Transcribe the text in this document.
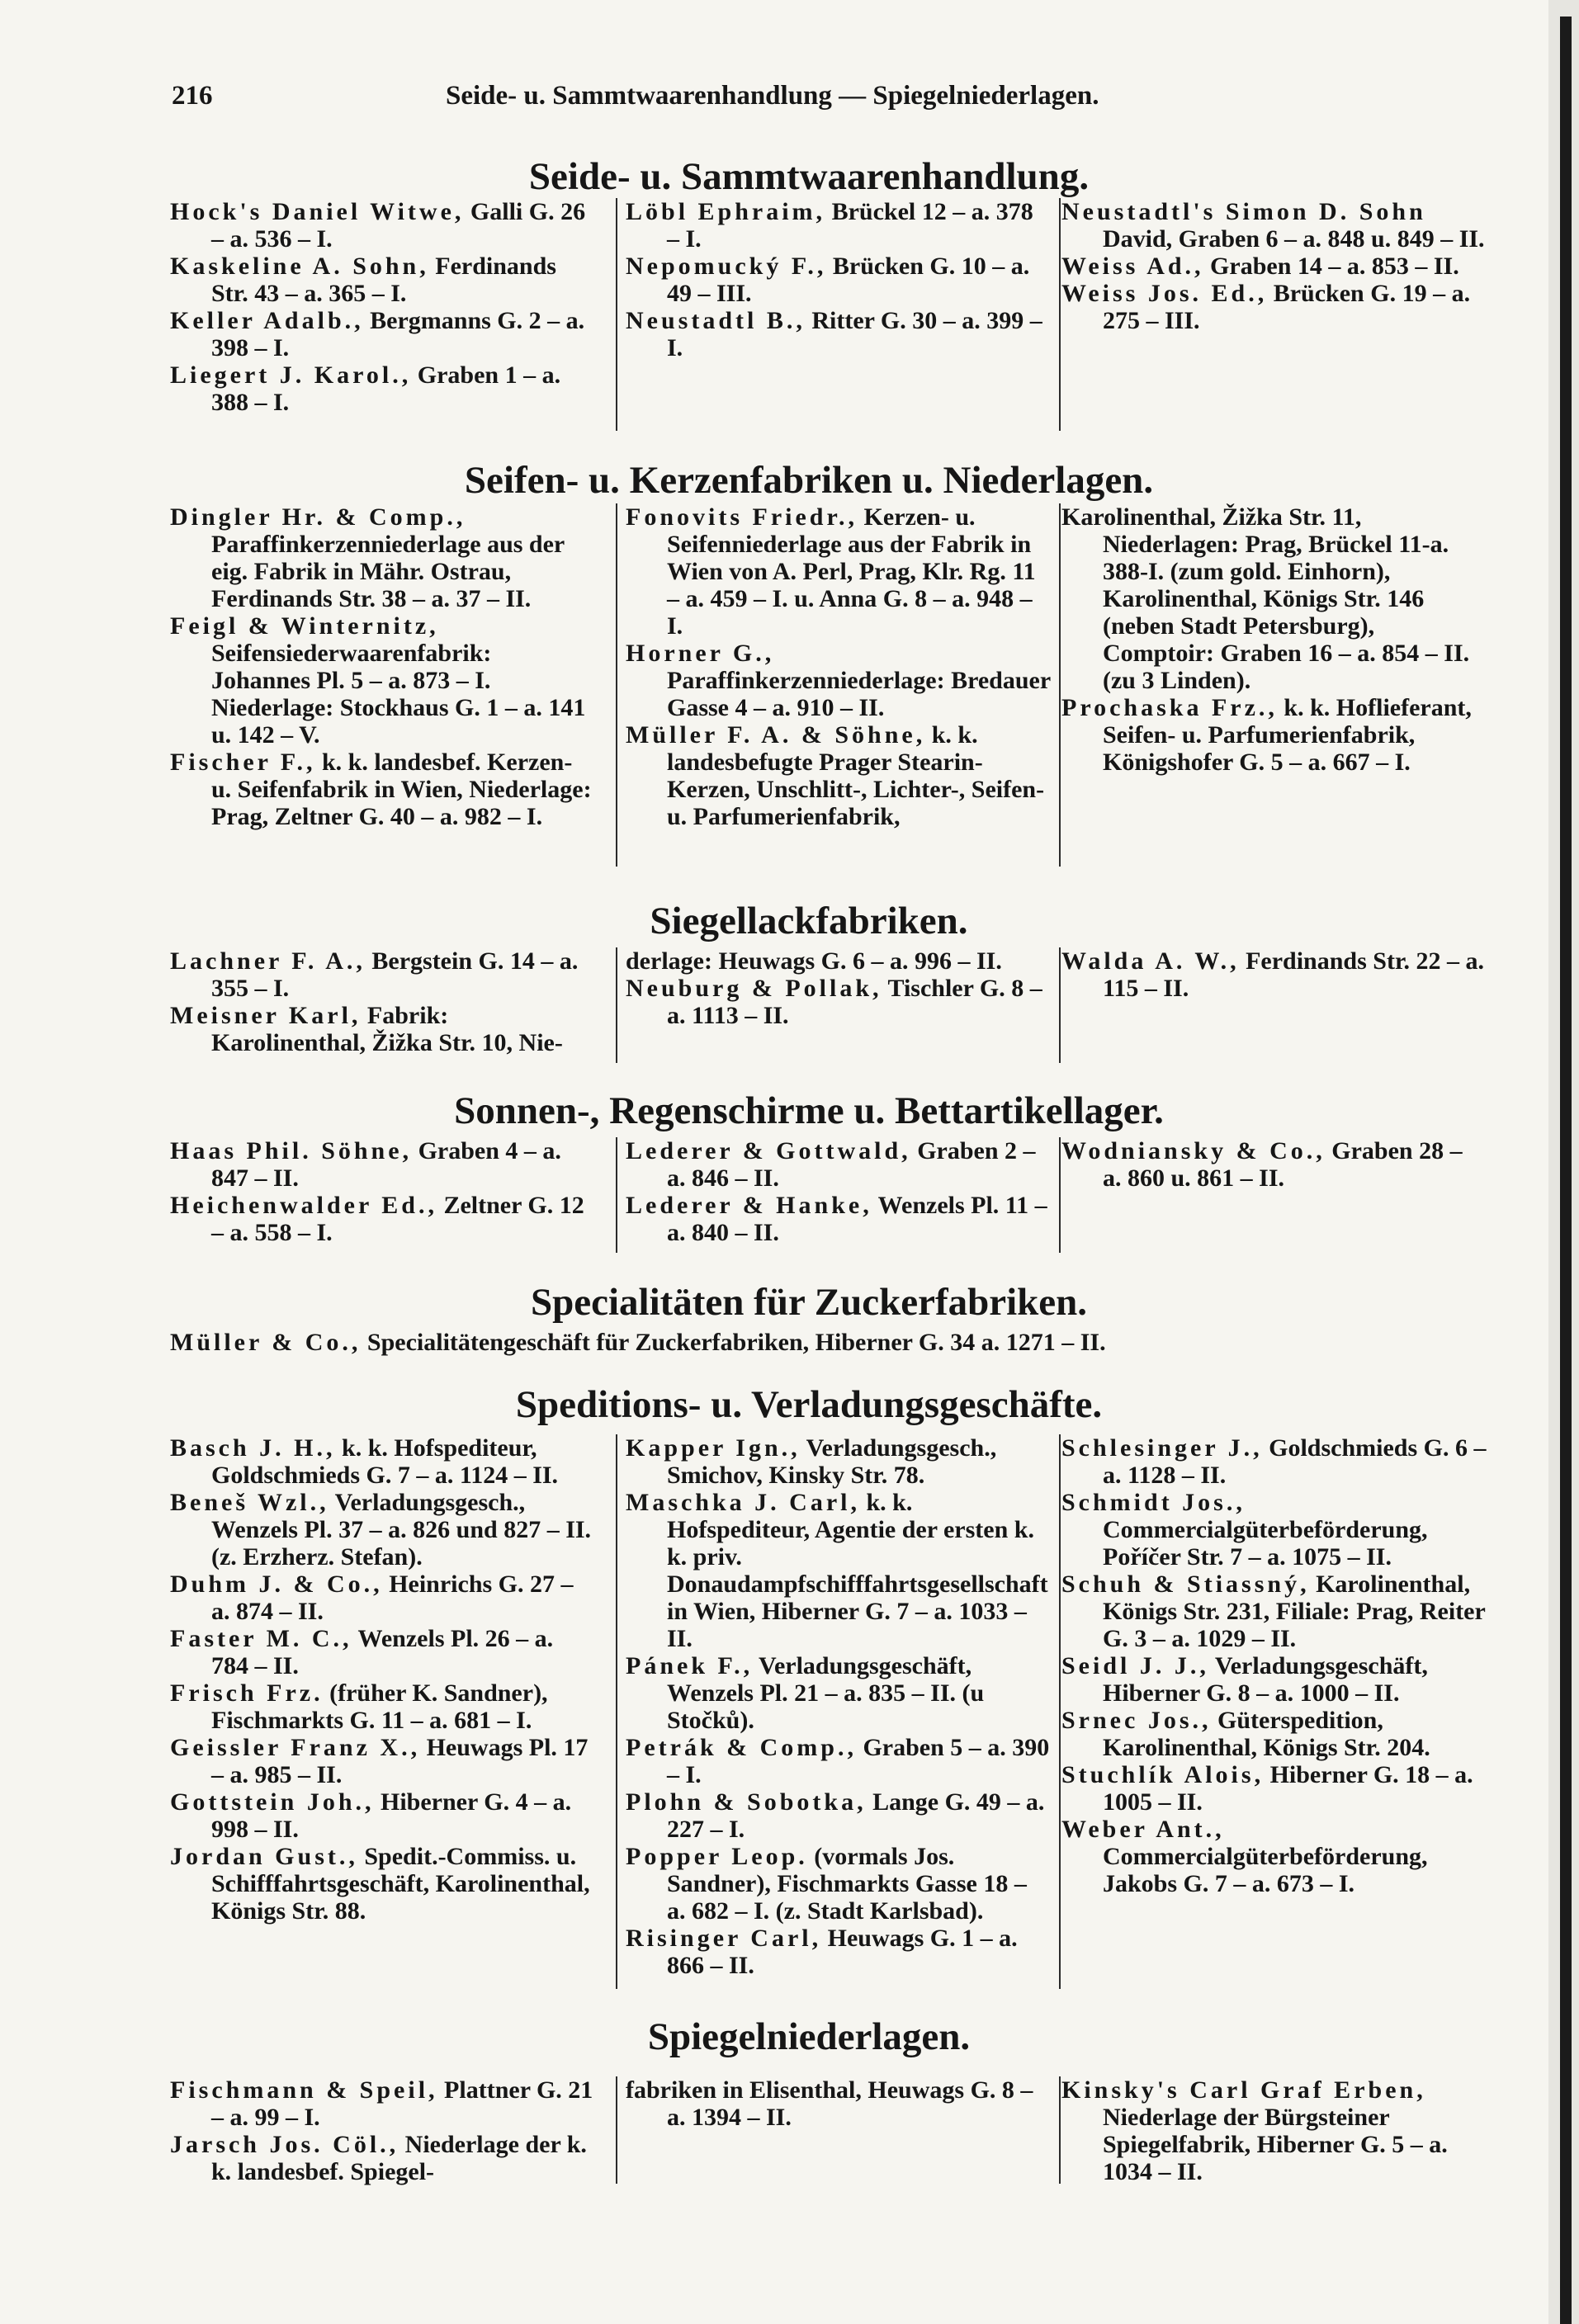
216	Seide- u. Sammtwaarenhandlung — Spiegelniederlagen.
Seide- u. Sammtwaarenhandlung.

Hock's Daniel Witwe, Galli G. 26 – a. 536 – I.

Kaskeline A. Sohn, Ferdinands Str. 43 – a. 365 – I.

Keller Adalb., Bergmanns G. 2 – a. 398 – I.

Liegert J. Karol., Graben 1 – a. 388 – I.

Löbl Ephraim, Brückel 12 – a. 378 – I.

Nepomucký F., Brücken G. 10 – a. 49 – III.

Neustadtl B., Ritter G. 30 – a. 399 – I.

Neustadtl's Simon D. Sohn David, Graben 6 – a. 848 u. 849 – II.

Weiss Ad., Graben 14 – a. 853 – II.

Weiss Jos. Ed., Brücken G. 19 – a. 275 – III.

Seifen- u. Kerzenfabriken u. Niederlagen.

Dingler Hr. & Comp., Paraffinkerzenniederlage aus der eig. Fabrik in Mähr. Ostrau, Ferdinands Str. 38 – a. 37 – II.

Feigl & Winternitz, Seifensiederwaarenfabrik: Johannes Pl. 5 – a. 873 – I. Niederlage: Stockhaus G. 1 – a. 141 u. 142 – V.

Fischer F., k. k. landesbef. Kerzen- u. Seifenfabrik in Wien, Niederlage: Prag, Zeltner G. 40 – a. 982 – I.

Fonovits Friedr., Kerzen- u. Seifenniederlage aus der Fabrik in Wien von A. Perl, Prag, Klr. Rg. 11 – a. 459 – I. u. Anna G. 8 – a. 948 – I.

Horner G., Paraffinkerzenniederlage: Bredauer Gasse 4 – a. 910 – II.

Müller F. A. & Söhne, k. k. landesbefugte Prager Stearin-Kerzen, Unschlitt-, Lichter-, Seifen- u. Parfumerienfabrik,

Karolinenthal, Žižka Str. 11, Niederlagen: Prag, Brückel 11-a. 388-I. (zum gold. Einhorn), Karolinenthal, Königs Str. 146 (neben Stadt Petersburg), Comptoir: Graben 16 – a. 854 – II. (zu 3 Linden).

Prochaska Frz., k. k. Hoflieferant, Seifen- u. Parfumerienfabrik, Königshofer G. 5 – a. 667 – I.

Siegellackfabriken.

Lachner F. A., Bergstein G. 14 – a. 355 – I.

Meisner Karl, Fabrik: Karolinenthal, Žižka Str. 10, Nie-

derlage: Heuwags G. 6 – a. 996 – II.

Neuburg & Pollak, Tischler G. 8 – a. 1113 – II.

Walda A. W., Ferdinands Str. 22 – a. 115 – II.

Sonnen-, Regenschirme u. Bettartikellager.

Haas Phil. Söhne, Graben 4 – a. 847 – II.

Heichenwalder Ed., Zeltner G. 12 – a. 558 – I.

Lederer & Gottwald, Graben 2 – a. 846 – II.

Lederer & Hanke, Wenzels Pl. 11 – a. 840 – II.

Wodniansky & Co., Graben 28 – a. 860 u. 861 – II.

Specialitäten für Zuckerfabriken.

Müller & Co., Specialitätengeschäft für Zuckerfabriken, Hiberner G. 34 a. 1271 – II.

Speditions- u. Verladungsgeschäfte.

Basch J. H., k. k. Hofspediteur, Goldschmieds G. 7 – a. 1124 – II.

Beneš Wzl., Verladungsgesch., Wenzels Pl. 37 – a. 826 und 827 – II. (z. Erzherz. Stefan).

Duhm J. & Co., Heinrichs G. 27 – a. 874 – II.

Faster M. C., Wenzels Pl. 26 – a. 784 – II.

Frisch Frz. (früher K. Sandner), Fischmarkts G. 11 – a. 681 – I.

Geissler Franz X., Heuwags Pl. 17 – a. 985 – II.

Gottstein Joh., Hiberner G. 4 – a. 998 – II.

Jordan Gust., Spedit.-Commiss. u. Schifffahrtsgeschäft, Karolinenthal, Königs Str. 88.

Kapper Ign., Verladungsgesch., Smichov, Kinsky Str. 78.

Maschka J. Carl, k. k. Hofspediteur, Agentie der ersten k. k. priv. Donaudampfschifffahrtsgesellschaft in Wien, Hiberner G. 7 – a. 1033 – II.

Pánek F., Verladungsgeschäft, Wenzels Pl. 21 – a. 835 – II. (u Stočků).

Petrák & Comp., Graben 5 – a. 390 – I.

Plohn & Sobotka, Lange G. 49 – a. 227 – I.

Popper Leop. (vormals Jos. Sandner), Fischmarkts Gasse 18 – a. 682 – I. (z. Stadt Karlsbad).

Risinger Carl, Heuwags G. 1 – a. 866 – II.

Schlesinger J., Goldschmieds G. 6 – a. 1128 – II.

Schmidt Jos., Commercialgüterbeförderung, Poříčer Str. 7 – a. 1075 – II.

Schuh & Stiassný, Karolinenthal, Königs Str. 231, Filiale: Prag, Reiter G. 3 – a. 1029 – II.

Seidl J. J., Verladungsgeschäft, Hiberner G. 8 – a. 1000 – II.

Srnec Jos., Güterspedition, Karolinenthal, Königs Str. 204.

Stuchlík Alois, Hiberner G. 18 – a. 1005 – II.

Weber Ant., Commercialgüterbeförderung, Jakobs G. 7 – a. 673 – I.

Spiegelniederlagen.

Fischmann & Speil, Plattner G. 21 – a. 99 – I.

Jarsch Jos. Cöl., Niederlage der k. k. landesbef. Spiegel-

fabriken in Elisenthal, Heuwags G. 8 – a. 1394 – II.

Kinsky's Carl Graf Erben, Niederlage der Bürgsteiner Spiegelfabrik, Hiberner G. 5 – a. 1034 – II.
